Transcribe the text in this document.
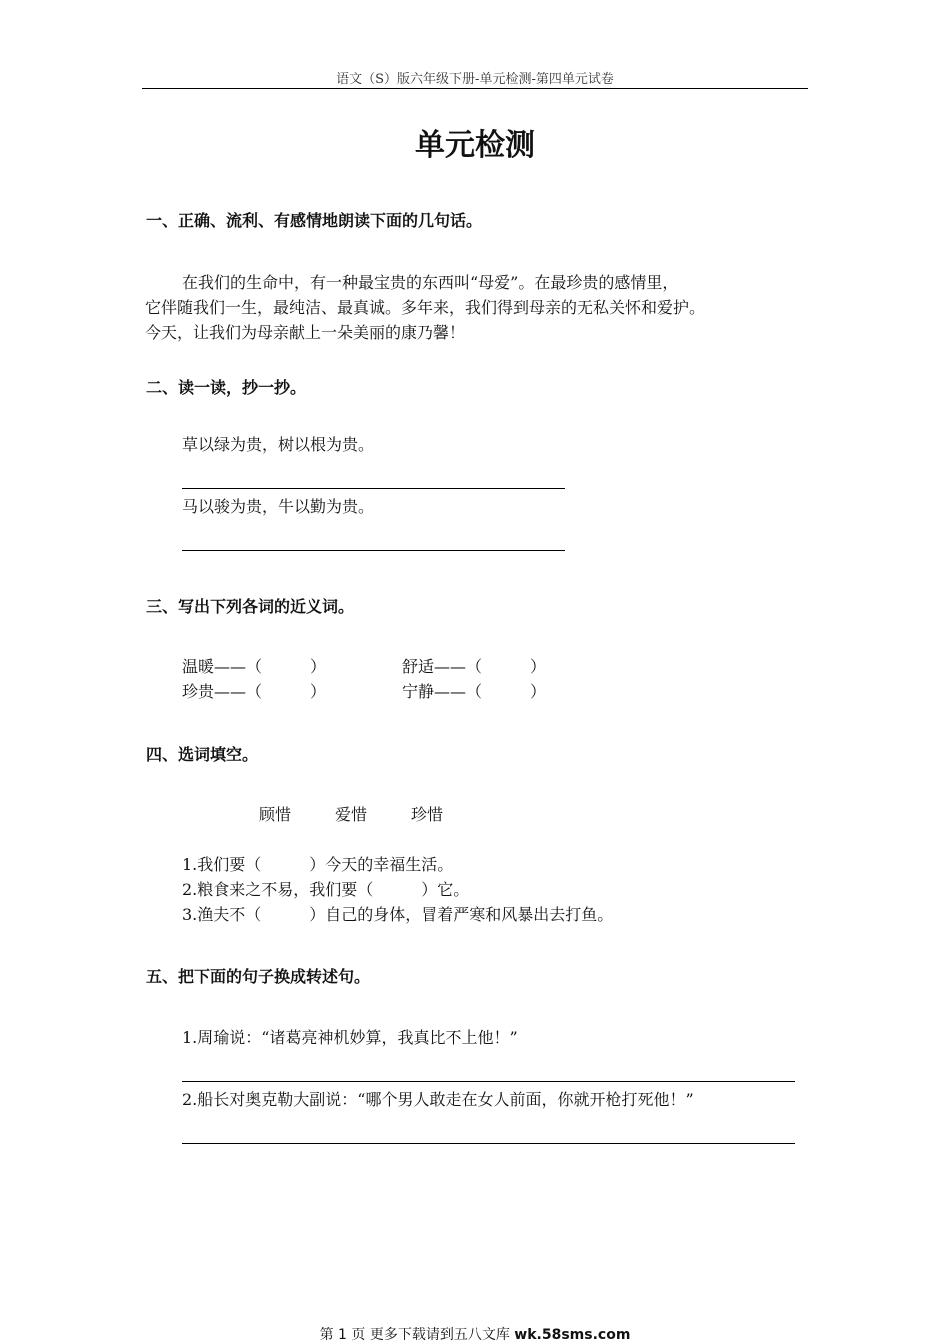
语文（S）版六年级下册-单元检测-第四单元试卷
单元检测
一、正确、流利、有感情地朗读下面的几句话。
在我们的生命中，有一种最宝贵的东西叫“母爱”。在最珍贵的感情里，
它伴随我们一生，最纯洁、最真诚。多年来，我们得到母亲的无私关怀和爱护。
今天，让我们为母亲献上一朵美丽的康乃馨！
二、读一读，抄一抄。
草以绿为贵，树以根为贵。
马以骏为贵，牛以勤为贵。
三、写出下列各词的近义词。
温暖——（　　　）	舒适——（　　　）
珍贵——（　　　）	宁静——（　　　）
四、选词填空。
顾惜	爱惜	珍惜
1.我们要（　　　）今天的幸福生活。
2.粮食来之不易，我们要（　　　）它。
3.渔夫不（　　　）自己的身体，冒着严寒和风暴出去打鱼。
五、把下面的句子换成转述句。
1.周瑜说：“诸葛亮神机妙算，我真比不上他！”
2.船长对奥克勒大副说：“哪个男人敢走在女人前面，你就开枪打死他！”
第 1 页 更多下载请到五八文库 wk.58sms.com
